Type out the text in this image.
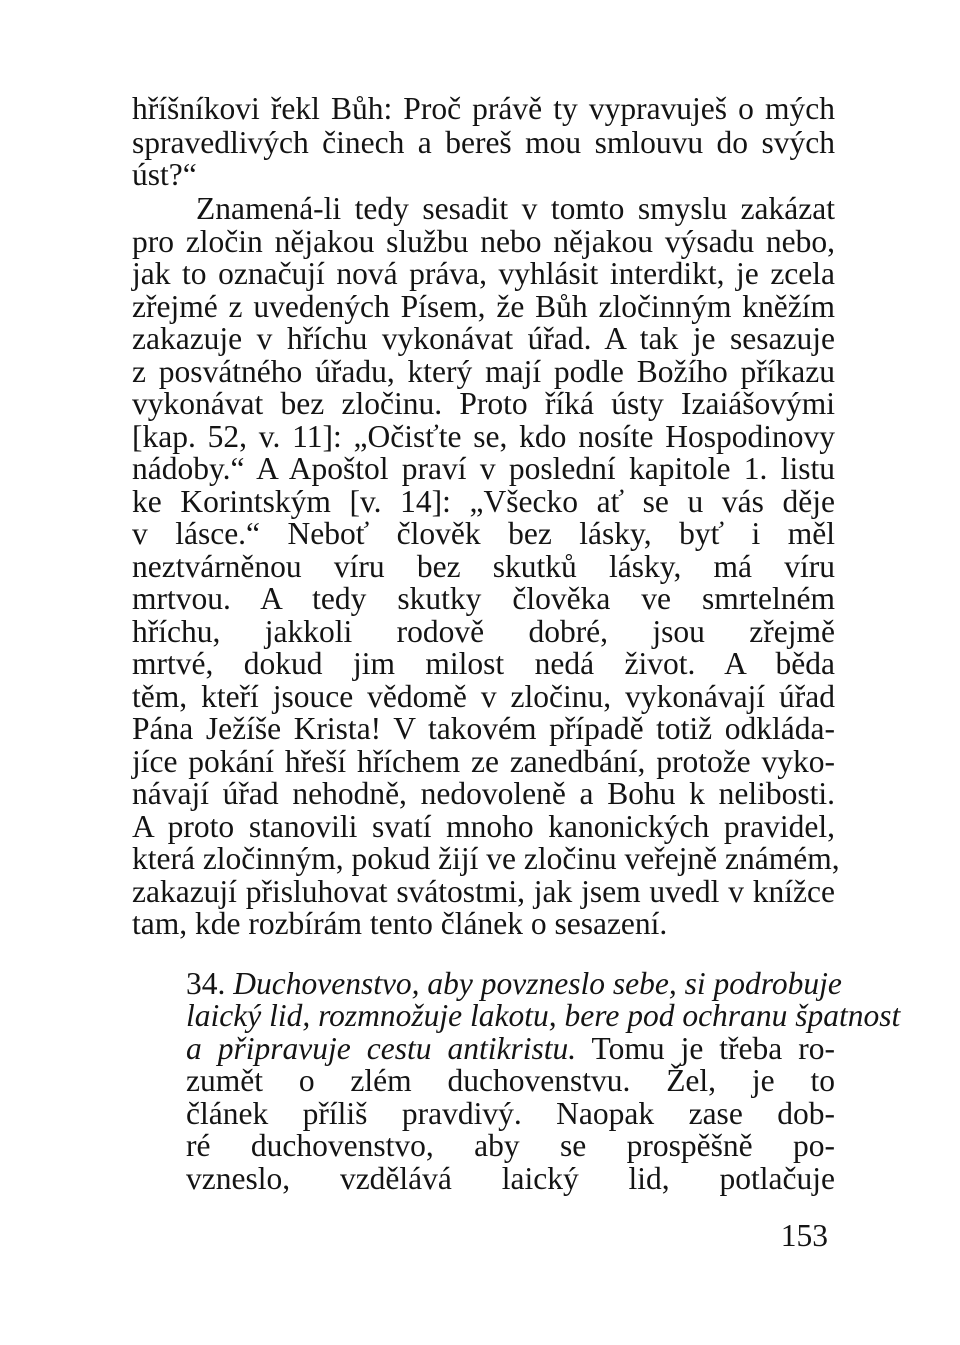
hříšníkovi řekl Bůh: Proč právě ty vypravuješ o mých
spravedlivých činech a bereš mou smlouvu do svých
úst?“
Znamená-li tedy sesadit v tomto smyslu zakázat
pro zločin nějakou službu nebo nějakou výsadu nebo,
jak to označují nová práva, vyhlásit interdikt, je zcela
zřejmé z uvedených Písem, že Bůh zločinným kněžím
zakazuje v hříchu vykonávat úřad. A tak je sesazuje
z posvátného úřadu, který mají podle Božího příkazu
vykonávat bez zločinu. Proto říká ústy Izaiášovými
[kap. 52, v. 11]: „Očisťte se, kdo nosíte Hospodinovy
nádoby.“ A Apoštol praví v poslední kapitole 1. listu
ke Korintským [v. 14]: „Všecko ať se u vás děje
v lásce.“ Neboť člověk bez lásky, byť i měl
neztvárněnou víru bez skutků lásky, má víru
mrtvou. A tedy skutky člověka ve smrtelném
hříchu, jakkoli rodově dobré, jsou zřejmě
mrtvé, dokud jim milost nedá život. A běda
těm, kteří jsouce vědomě v zločinu, vykonávají úřad
Pána Ježíše Krista! V takovém případě totiž odkláda-
jíce pokání hřeší hříchem ze zanedbání, protože vyko-
návají úřad nehodně, nedovoleně a Bohu k nelibosti.
A proto stanovili svatí mnoho kanonických pravidel,
která zločinným, pokud žijí ve zločinu veřejně známém,
zakazují přisluhovat svátostmi, jak jsem uvedl v knížce
tam, kde rozbírám tento článek o sesazení.
34. Duchovenstvo, aby povzneslo sebe, si podrobuje
laický lid, rozmnožuje lakotu, bere pod ochranu špatnost
a připravuje cestu antikristu. Tomu je třeba ro-
zumět o zlém duchovenstvu. Žel, je to
článek příliš pravdivý. Naopak zase dob-
ré duchovenstvo, aby se prospěšně po-
vzneslo, vzdělává laický lid, potlačuje
153
